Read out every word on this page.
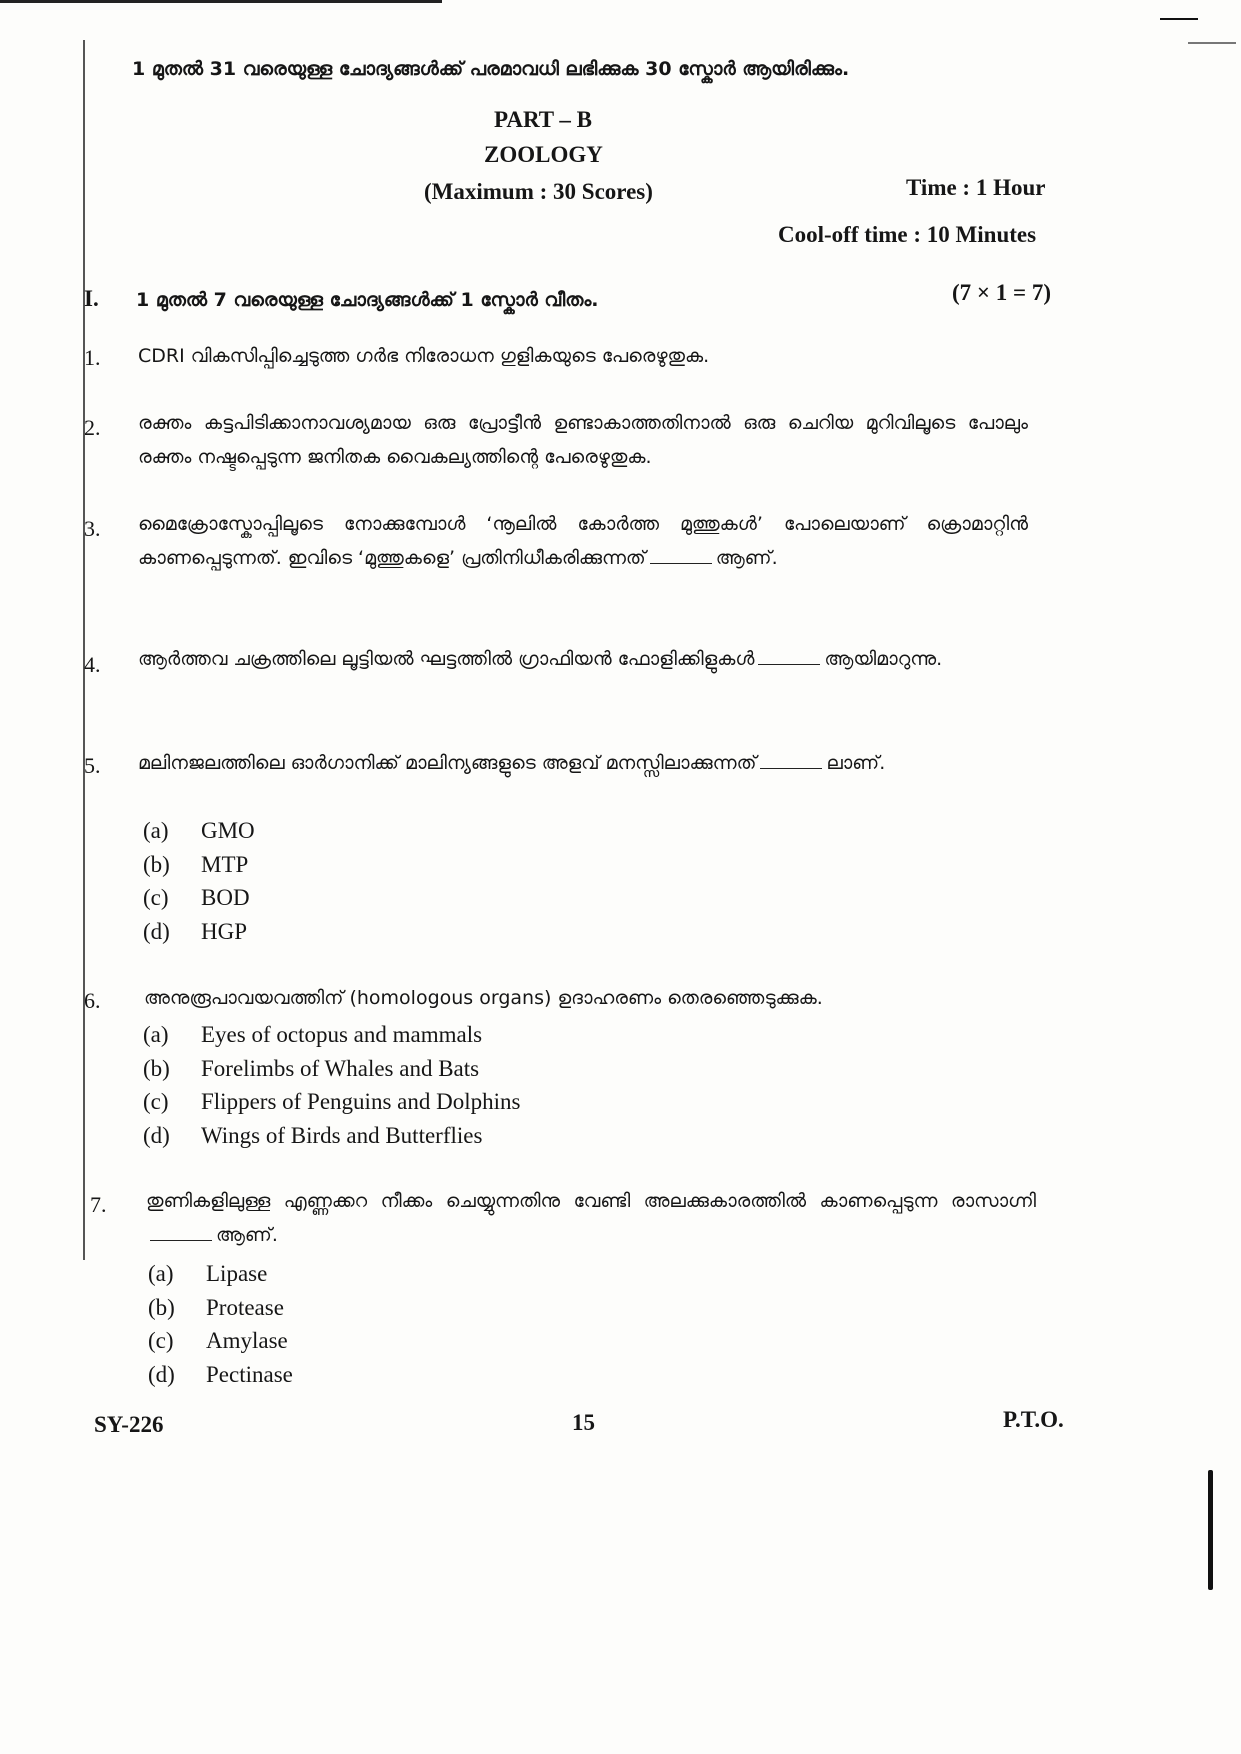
1 മുതൽ 31 വരെയുള്ള ചോദ്യങ്ങൾക്ക് പരമാവധി ലഭിക്കുക 30 സ്കോർ ആയിരിക്കും.
PART – B
ZOOLOGY
(Maximum : 30 Scores)	Time : 1 Hour
Cool-off time : 10 Minutes
I. 1 മുതൽ 7 വരെയുള്ള ചോദ്യങ്ങൾക്ക് 1 സ്കോർ വീതം.	(7 × 1 = 7)
1. CDRI വികസിപ്പിച്ചെടുത്ത ഗർഭ നിരോധന ഗുളികയുടെ പേരെഴുതുക.
2. രക്തം കട്ടപിടിക്കാനാവശ്യമായ ഒരു പ്രോട്ടീൻ ഉണ്ടാകാത്തതിനാൽ ഒരു ചെറിയ മുറിവിലൂടെ പോലും രക്തം നഷ്ടപ്പെടുന്ന ജനിതക വൈകല്യത്തിന്റെ പേരെഴുതുക.
3. മൈക്രോസ്കോപ്പിലൂടെ നോക്കുമ്പോൾ ‘നൂലിൽ കോർത്ത മുത്തുകൾ’ പോലെയാണ് ക്രൊമാറ്റിൻ കാണപ്പെടുന്നത്. ഇവിടെ ‘മുത്തുകളെ’ പ്രതിനിധീകരിക്കുന്നത്	ആണ്.
4. ആർത്തവ ചക്രത്തിലെ ലൂട്ടിയൽ ഘട്ടത്തിൽ ഗ്രാഫിയൻ ഫോളിക്കിളുകൾ	ആയിമാറുന്നു.
5. മലിനജലത്തിലെ ഓർഗാനിക്ക് മാലിന്യങ്ങളുടെ അളവ് മനസ്സിലാക്കുന്നത്	ലാണ്.
(a) GMO
(b) MTP
(c) BOD
(d) HGP
6. അനുരൂപാവയവത്തിന് (homologous organs) ഉദാഹരണം തെരഞ്ഞെടുക്കുക.
(a) Eyes of octopus and mammals
(b) Forelimbs of Whales and Bats
(c) Flippers of Penguins and Dolphins
(d) Wings of Birds and Butterflies
7. തുണികളിലുള്ള എണ്ണക്കറ നീക്കം ചെയ്യുന്നതിനു വേണ്ടി അലക്കുകാരത്തിൽ കാണപ്പെടുന്ന രാസാഗ്നിആണ്.
(a) Lipase
(b) Protease
(c) Amylase
(d) Pectinase
SY-226	15	P.T.O.
